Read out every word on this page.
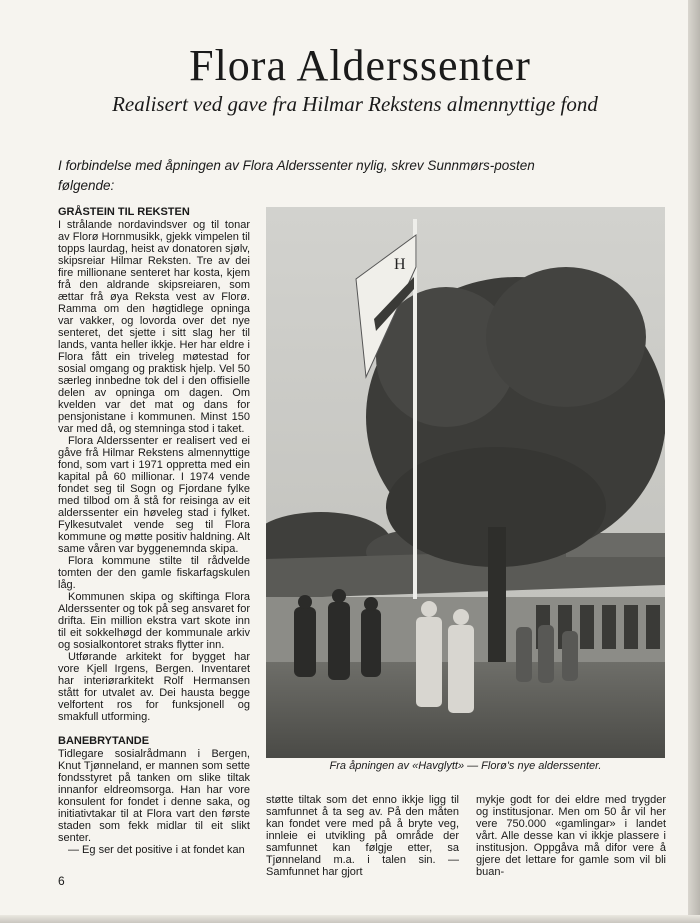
Flora Alderssenter
Realisert ved gave fra Hilmar Rekstens almennyttige fond

I forbindelse med åpningen av Flora Alderssenter nylig, skrev Sunnmørs-posten følgende:

GRÅSTEIN TIL REKSTEN

I strålande nordavindsver og til tonar av Florø Hornmusikk, gjekk vimpelen til topps laurdag, heist av donatoren sjølv, skipsreiar Hilmar Reksten. Tre av dei fire millionane senteret har kosta, kjem frå den aldrande skipsreiaren, som ættar frå øya Reksta vest av Florø. Ramma om den høgtidlege opninga var vakker, og lovorda over det nye senteret, det sjette i sitt slag her til lands, vanta heller ikkje. Her har eldre i Flora fått ein triveleg møtestad for sosial omgang og praktisk hjelp. Vel 50 særleg innbedne tok del i den offisielle delen av opninga om dagen. Om kvelden var det mat og dans for pensjonistane i kommunen. Minst 150 var med då, og stemninga stod i taket.

Flora Alderssenter er realisert ved ei gåve frå Hilmar Rekstens almennyttige fond, som vart i 1971 oppretta med ein kapital på 60 millionar. I 1974 vende fondet seg til Sogn og Fjordane fylke med tilbod om å stå for reisinga av eit alderssenter ein høveleg stad i fylket. Fylkesutvalet vende seg til Flora kommune og møtte positiv haldning. Alt same våren var byggenemnda skipa.

Flora kommune stilte til rådvelde tomten der den gamle fiskarfagskulen låg.

Kommunen skipa og skiftinga Flora Alderssenter og tok på seg ansvaret for drifta. Ein million ekstra vart skote inn til eit sokkelhøgd der kommunale arkiv og sosialkontoret straks flytter inn.

Utførande arkitekt for bygget har vore Kjell Irgens, Bergen. Inventaret har interiørarkitekt Rolf Hermansen stått for utvalet av. Dei hausta begge velfortent ros for funksjonell og smakfull utforming.

BANEBRYTANDE

Tidlegare sosialrådmann i Bergen, Knut Tjønneland, er mannen som sette fondsstyret på tanken om slike tiltak innanfor eldreomsorga. Han har vore konsulent for fondet i denne saka, og initiativtakar til at Flora vart den første staden som fekk midlar til eit slikt senter.

— Eg ser det positive i at fondet kan

H

Fra åpningen av «Havglytt» — Florø's nye alderssenter.

støtte tiltak som det enno ikkje ligg til samfunnet å ta seg av. På den måten kan fondet vere med på å bryte veg, innleie ei utvikling på område der samfunnet kan følgje etter, sa Tjønneland m.a. i talen sin. — Samfunnet har gjort

mykje godt for dei eldre med trygder og institusjonar. Men om 50 år vil her vere 750.000 «gamlingar» i landet vårt. Alle desse kan vi ikkje plassere i institusjon. Oppgåva må difor vere å gjere det lettare for gamle som vil bli buan-

6
